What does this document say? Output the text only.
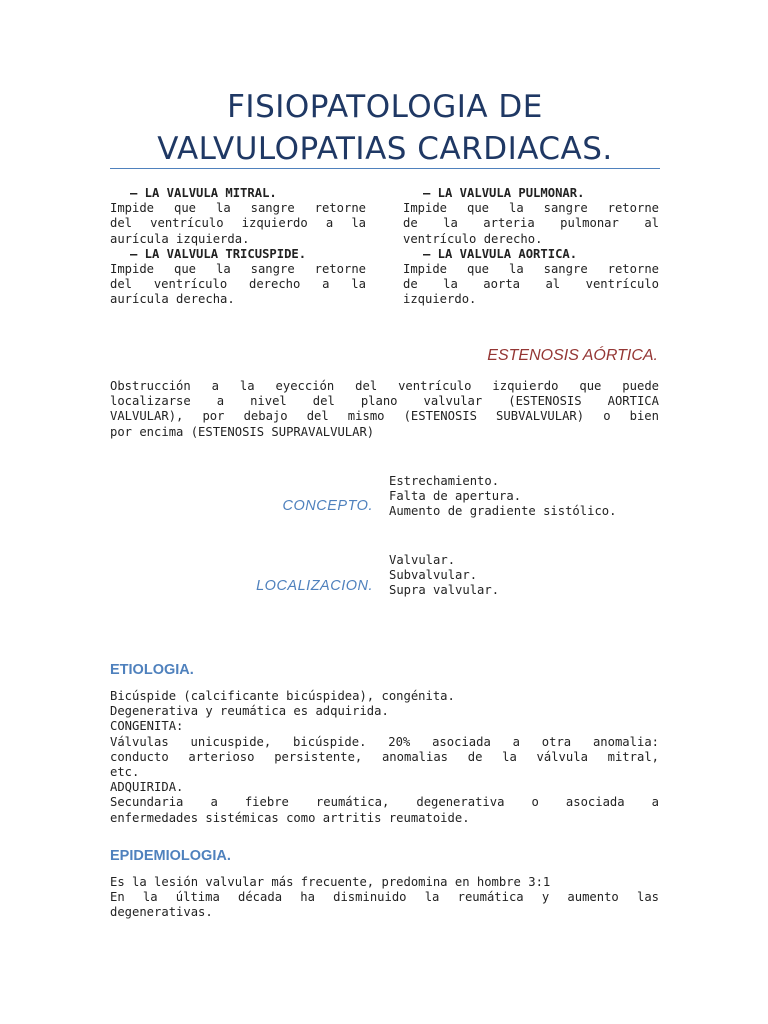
FISIOPATOLOGIA DE
VALVULOPATIAS CARDIACAS.
– LA VALVULA MITRAL.
Impide que la sangre retorne
del ventrículo izquierdo a la
aurícula izquierda.
– LA VALVULA TRICUSPIDE.
Impide que la sangre retorne
del ventrículo derecho a la
aurícula derecha.
– LA VALVULA PULMONAR.
Impide que la sangre retorne
de la arteria pulmonar al
ventrículo derecho.
– LA VALVULA AORTICA.
Impide que la sangre retorne
de la aorta al ventrículo
izquierdo.
ESTENOSIS AÓRTICA.
Obstrucción a la eyección del ventrículo izquierdo que puede
localizarse a nivel del plano valvular (ESTENOSIS AORTICA
VALVULAR), por debajo del mismo (ESTENOSIS SUBVALVULAR) o bien
por encima (ESTENOSIS SUPRAVALVULAR)
CONCEPTO.
Estrechamiento.
Falta de apertura.
Aumento de gradiente sistólico.
LOCALIZACION.
Valvular.
Subvalvular.
Supra valvular.
ETIOLOGIA.
Bicúspide (calcificante bicúspidea), congénita.
Degenerativa y reumática es adquirida.
CONGENITA:
Válvulas unicuspide, bicúspide. 20% asociada a otra anomalia:
conducto arterioso persistente, anomalias de la válvula mitral,
etc.
ADQUIRIDA.
Secundaria a fiebre reumática, degenerativa o asociada a
enfermedades sistémicas como artritis reumatoide.
EPIDEMIOLOGIA.
Es la lesión valvular más frecuente, predomina en hombre 3:1
En la última década ha disminuido la reumática y aumento las
degenerativas.
